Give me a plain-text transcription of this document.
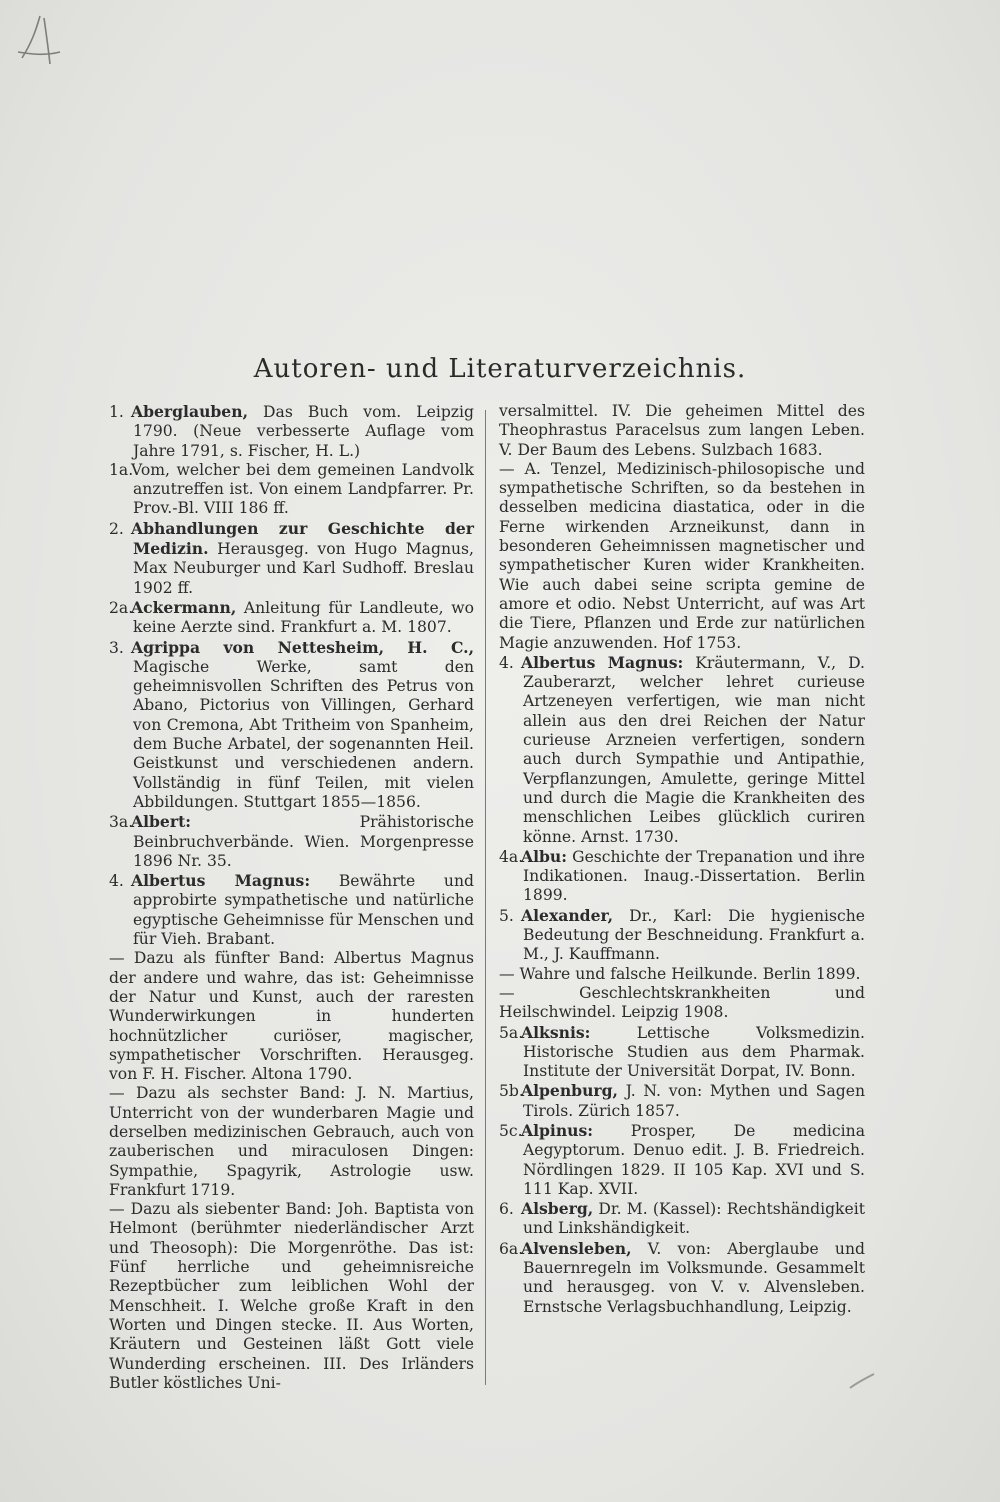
Autoren- und Literaturverzeichnis.

1. Aberglauben, Das Buch vom. Leipzig 1790. (Neue verbesserte Auflage vom Jahre 1791, s. Fischer, H. L.)

1a.Vom, welcher bei dem gemeinen Landvolk anzutreffen ist. Von einem Landpfarrer. Pr. Prov.-Bl. VIII 186 ff.

2. Abhandlungen zur Geschichte der Medizin. Herausgeg. von Hugo Magnus, Max Neuburger und Karl Sudhoff. Breslau 1902 ff.

2a.Ackermann, Anleitung für Landleute, wo keine Aerzte sind. Frankfurt a. M. 1807.

3. Agrippa von Nettesheim, H. C., Magische Werke, samt den geheimnisvollen Schriften des Petrus von Abano, Pictorius von Villingen, Gerhard von Cremona, Abt Tritheim von Spanheim, dem Buche Arbatel, der sogenannten Heil. Geistkunst und verschiedenen andern. Vollständig in fünf Teilen, mit vielen Abbildungen. Stuttgart 1855—1856.

3a.Albert: Prähistorische Beinbruchverbände. Wien. Morgenpresse 1896 Nr. 35.

4. Albertus Magnus: Bewährte und approbirte sympathetische und natürliche egyptische Geheimnisse für Menschen und für Vieh. Brabant.

— Dazu als fünfter Band: Albertus Magnus der andere und wahre, das ist: Geheimnisse der Natur und Kunst, auch der raresten Wunderwirkungen in hunderten hochnützlicher curiöser, magischer, sympathetischer Vorschriften. Herausgeg. von F. H. Fischer. Altona 1790.

— Dazu als sechster Band: J. N. Martius, Unterricht von der wunderbaren Magie und derselben medizinischen Gebrauch, auch von zauberischen und miraculosen Dingen: Sympathie, Spagyrik, Astrologie usw. Frankfurt 1719.

— Dazu als siebenter Band: Joh. Baptista von Helmont (berühmter niederländischer Arzt und Theosoph): Die Morgenröthe. Das ist: Fünf herrliche und geheimnisreiche Rezeptbücher zum leiblichen Wohl der Menschheit. I. Welche große Kraft in den Worten und Dingen stecke. II. Aus Worten, Kräutern und Gesteinen läßt Gott viele Wunderding erscheinen. III. Des Irländers Butler köstliches Uni-

versalmittel. IV. Die geheimen Mittel des Theophrastus Paracelsus zum langen Leben. V. Der Baum des Lebens. Sulzbach 1683.

— A. Tenzel, Medizinisch-philosopische und sympathetische Schriften, so da bestehen in desselben medicina diastatica, oder in die Ferne wirkenden Arzneikunst, dann in besonderen Geheimnissen magnetischer und sympathetischer Kuren wider Krankheiten. Wie auch dabei seine scripta gemine de amore et odio. Nebst Unterricht, auf was Art die Tiere, Pflanzen und Erde zur natürlichen Magie anzuwenden. Hof 1753.

4. Albertus Magnus: Kräutermann, V., D. Zauberarzt, welcher lehret curieuse Artzeneyen verfertigen, wie man nicht allein aus den drei Reichen der Natur curieuse Arzneien verfertigen, sondern auch durch Sympathie und Antipathie, Verpflanzungen, Amulette, geringe Mittel und durch die Magie die Krankheiten des menschlichen Leibes glücklich curiren könne. Arnst. 1730.

4a.Albu: Geschichte der Trepanation und ihre Indikationen. Inaug.-Dissertation. Berlin 1899.

5. Alexander, Dr., Karl: Die hygienische Bedeutung der Beschneidung. Frankfurt a. M., J. Kauffmann.

— Wahre und falsche Heilkunde. Berlin 1899.

— Geschlechtskrankheiten und Heilschwindel. Leipzig 1908.

5a.Alksnis: Lettische Volksmedizin. Historische Studien aus dem Pharmak. Institute der Universität Dorpat, IV. Bonn.

5b.Alpenburg, J. N. von: Mythen und Sagen Tirols. Zürich 1857.

5c.Alpinus: Prosper, De medicina Aegyptorum. Denuo edit. J. B. Friedreich. Nördlingen 1829. II 105 Kap. XVI und S. 111 Kap. XVII.

6. Alsberg, Dr. M. (Kassel): Rechtshändigkeit und Linkshändigkeit.

6a.Alvensleben, V. von: Aberglaube und Bauernregeln im Volksmunde. Gesammelt und herausgeg. von V. v. Alvensleben. Ernstsche Verlagsbuchhandlung, Leipzig.
